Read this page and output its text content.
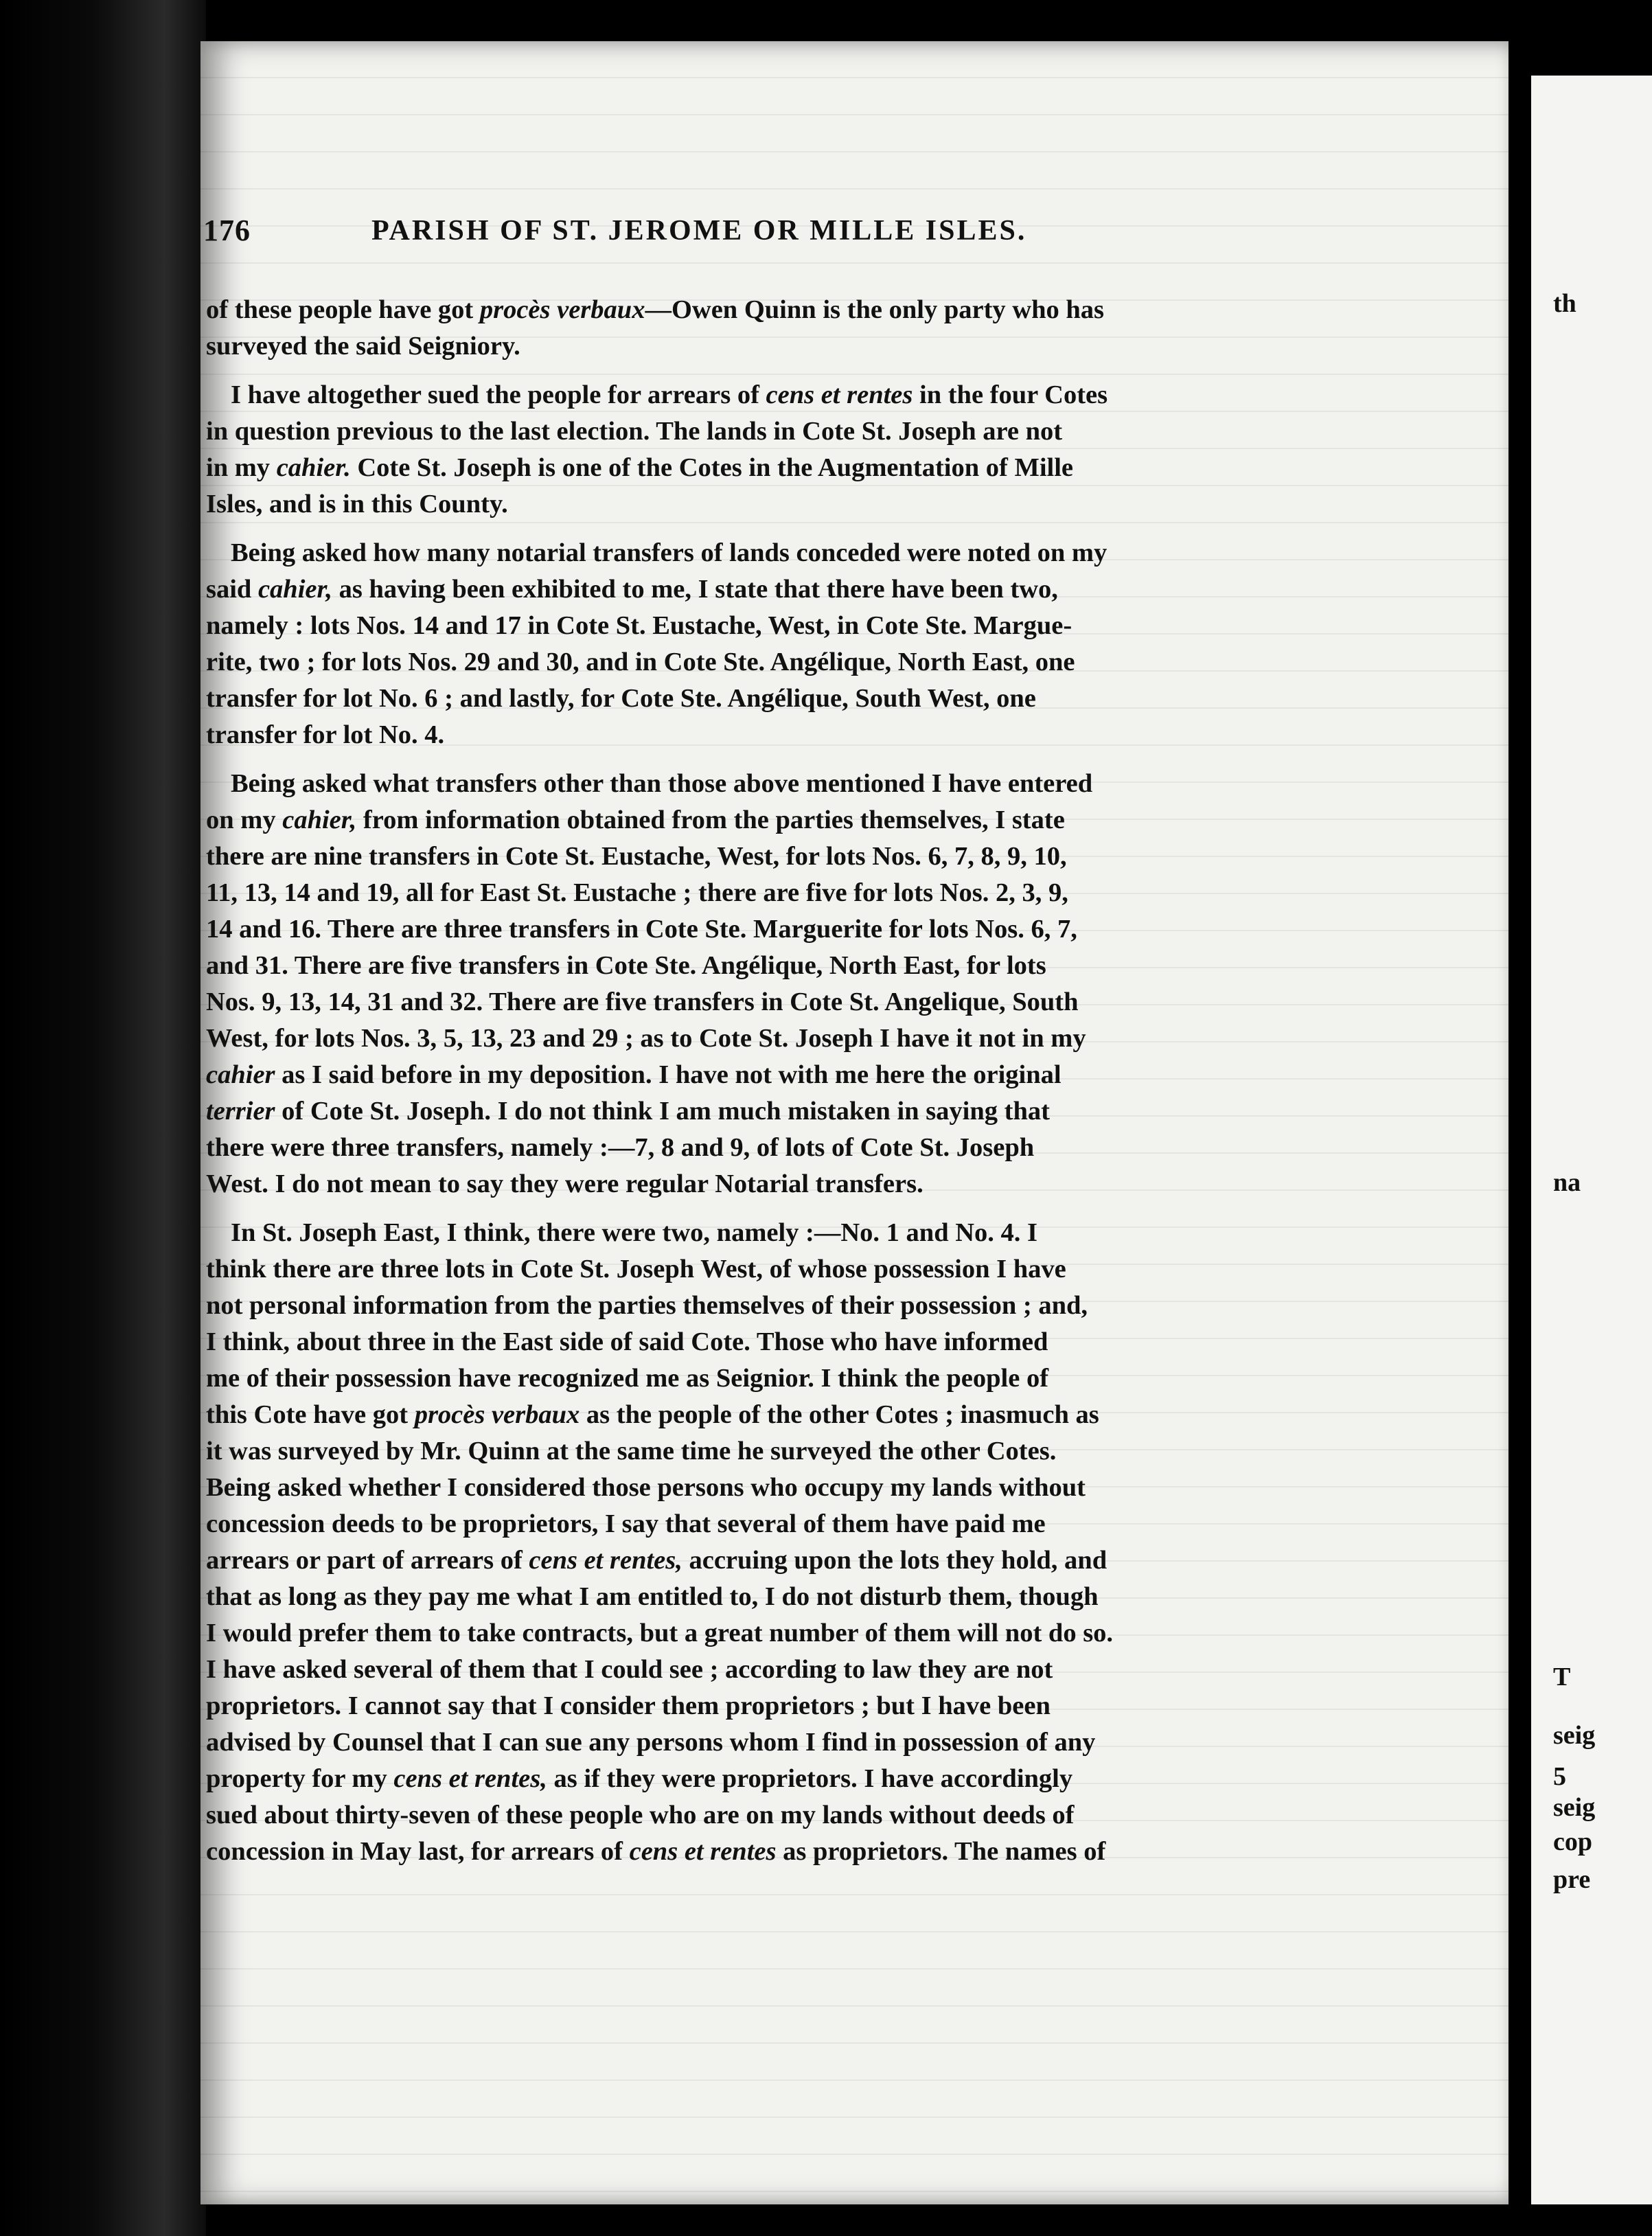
176	PARISH OF ST. JEROME OR MILLE ISLES.
of these people have got procès verbaux—Owen Quinn is the only party who has
surveyed the said Seigniory.
I have altogether sued the people for arrears of cens et rentes in the four Cotes
in question previous to the last election. The lands in Cote St. Joseph are not
in my cahier. Cote St. Joseph is one of the Cotes in the Augmentation of Mille
Isles, and is in this County.
Being asked how many notarial transfers of lands conceded were noted on my
said cahier, as having been exhibited to me, I state that there have been two,
namely : lots Nos. 14 and 17 in Cote St. Eustache, West, in Cote Ste. Margue-
rite, two ; for lots Nos. 29 and 30, and in Cote Ste. Angélique, North East, one
transfer for lot No. 6 ; and lastly, for Cote Ste. Angélique, South West, one
transfer for lot No. 4.
Being asked what transfers other than those above mentioned I have entered
on my cahier, from information obtained from the parties themselves, I state
there are nine transfers in Cote St. Eustache, West, for lots Nos. 6, 7, 8, 9, 10,
11, 13, 14 and 19, all for East St. Eustache ; there are five for lots Nos. 2, 3, 9,
14 and 16. There are three transfers in Cote Ste. Marguerite for lots Nos. 6, 7,
and 31. There are five transfers in Cote Ste. Angélique, North East, for lots
Nos. 9, 13, 14, 31 and 32. There are five transfers in Cote St. Angelique, South
West, for lots Nos. 3, 5, 13, 23 and 29 ; as to Cote St. Joseph I have it not in my
cahier as I said before in my deposition. I have not with me here the original
terrier of Cote St. Joseph. I do not think I am much mistaken in saying that
there were three transfers, namely :—7, 8 and 9, of lots of Cote St. Joseph
West. I do not mean to say they were regular Notarial transfers.
In St. Joseph East, I think, there were two, namely :—No. 1 and No. 4. I
think there are three lots in Cote St. Joseph West, of whose possession I have
not personal information from the parties themselves of their possession ; and,
I think, about three in the East side of said Cote. Those who have informed
me of their possession have recognized me as Seignior. I think the people of
this Cote have got procès verbaux as the people of the other Cotes ; inasmuch as
it was surveyed by Mr. Quinn at the same time he surveyed the other Cotes.
Being asked whether I considered those persons who occupy my lands without
concession deeds to be proprietors, I say that several of them have paid me
arrears or part of arrears of cens et rentes, accruing upon the lots they hold, and
that as long as they pay me what I am entitled to, I do not disturb them, though
I would prefer them to take contracts, but a great number of them will not do so.
I have asked several of them that I could see ; according to law they are not
proprietors. I cannot say that I consider them proprietors ; but I have been
advised by Counsel that I can sue any persons whom I find in possession of any
property for my cens et rentes, as if they were proprietors. I have accordingly
sued about thirty-seven of these people who are on my lands without deeds of
concession in May last, for arrears of cens et rentes as proprietors. The names of
th
na
T
seig
5
seig
cop
pre
